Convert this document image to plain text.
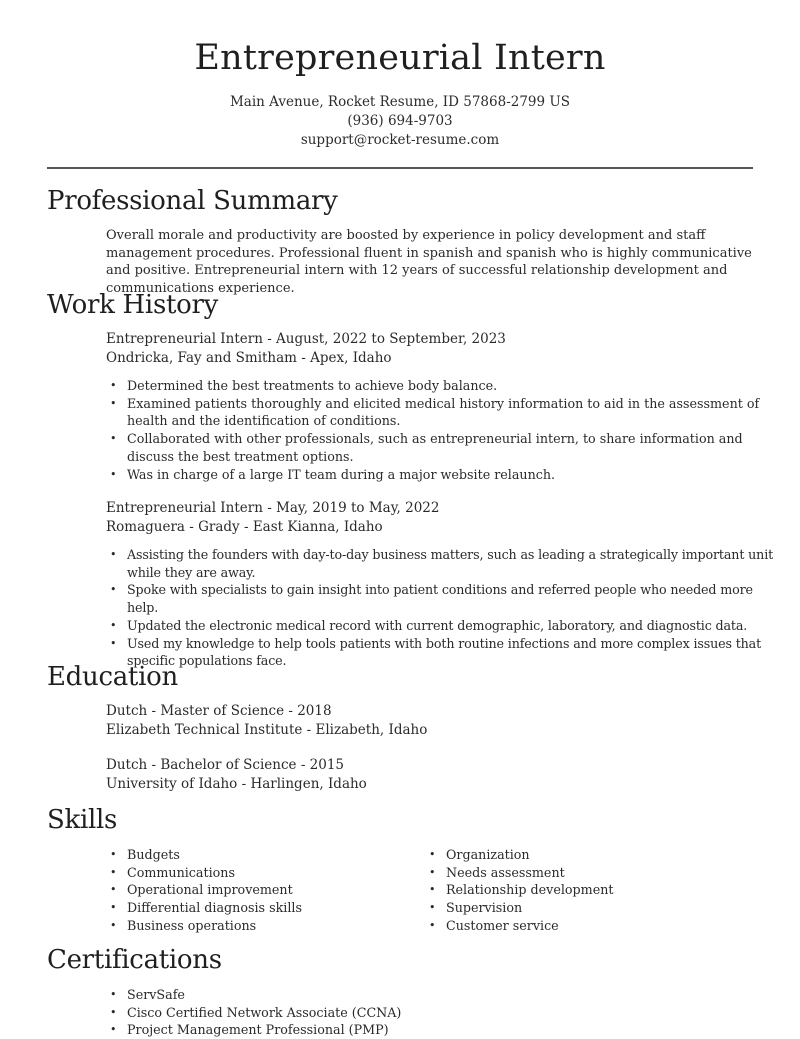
Entrepreneurial Intern
Main Avenue, Rocket Resume, ID 57868-2799 US
(936) 694-9703
support@rocket-resume.com
Professional Summary
Overall morale and productivity are boosted by experience in policy development and staff management procedures. Professional fluent in spanish and spanish who is highly communicative and positive. Entrepreneurial intern with 12 years of successful relationship development and communications experience.
Work History
Entrepreneurial Intern - August, 2022 to September, 2023
Ondricka, Fay and Smitham - Apex, Idaho
• Determined the best treatments to achieve body balance.
• Examined patients thoroughly and elicited medical history information to aid in the assessment of health and the identification of conditions.
• Collaborated with other professionals, such as entrepreneurial intern, to share information and discuss the best treatment options.
• Was in charge of a large IT team during a major website relaunch.
Entrepreneurial Intern - May, 2019 to May, 2022
Romaguera - Grady - East Kianna, Idaho
• Assisting the founders with day-to-day business matters, such as leading a strategically important unit while they are away.
• Spoke with specialists to gain insight into patient conditions and referred people who needed more help.
• Updated the electronic medical record with current demographic, laboratory, and diagnostic data.
• Used my knowledge to help tools patients with both routine infections and more complex issues that specific populations face.
Education
Dutch - Master of Science - 2018
Elizabeth Technical Institute - Elizabeth, Idaho
Dutch - Bachelor of Science - 2015
University of Idaho - Harlingen, Idaho
Skills
• Budgets
• Communications
• Operational improvement
• Differential diagnosis skills
• Business operations
• Organization
• Needs assessment
• Relationship development
• Supervision
• Customer service
Certifications
• ServSafe
• Cisco Certified Network Associate (CCNA)
• Project Management Professional (PMP)
